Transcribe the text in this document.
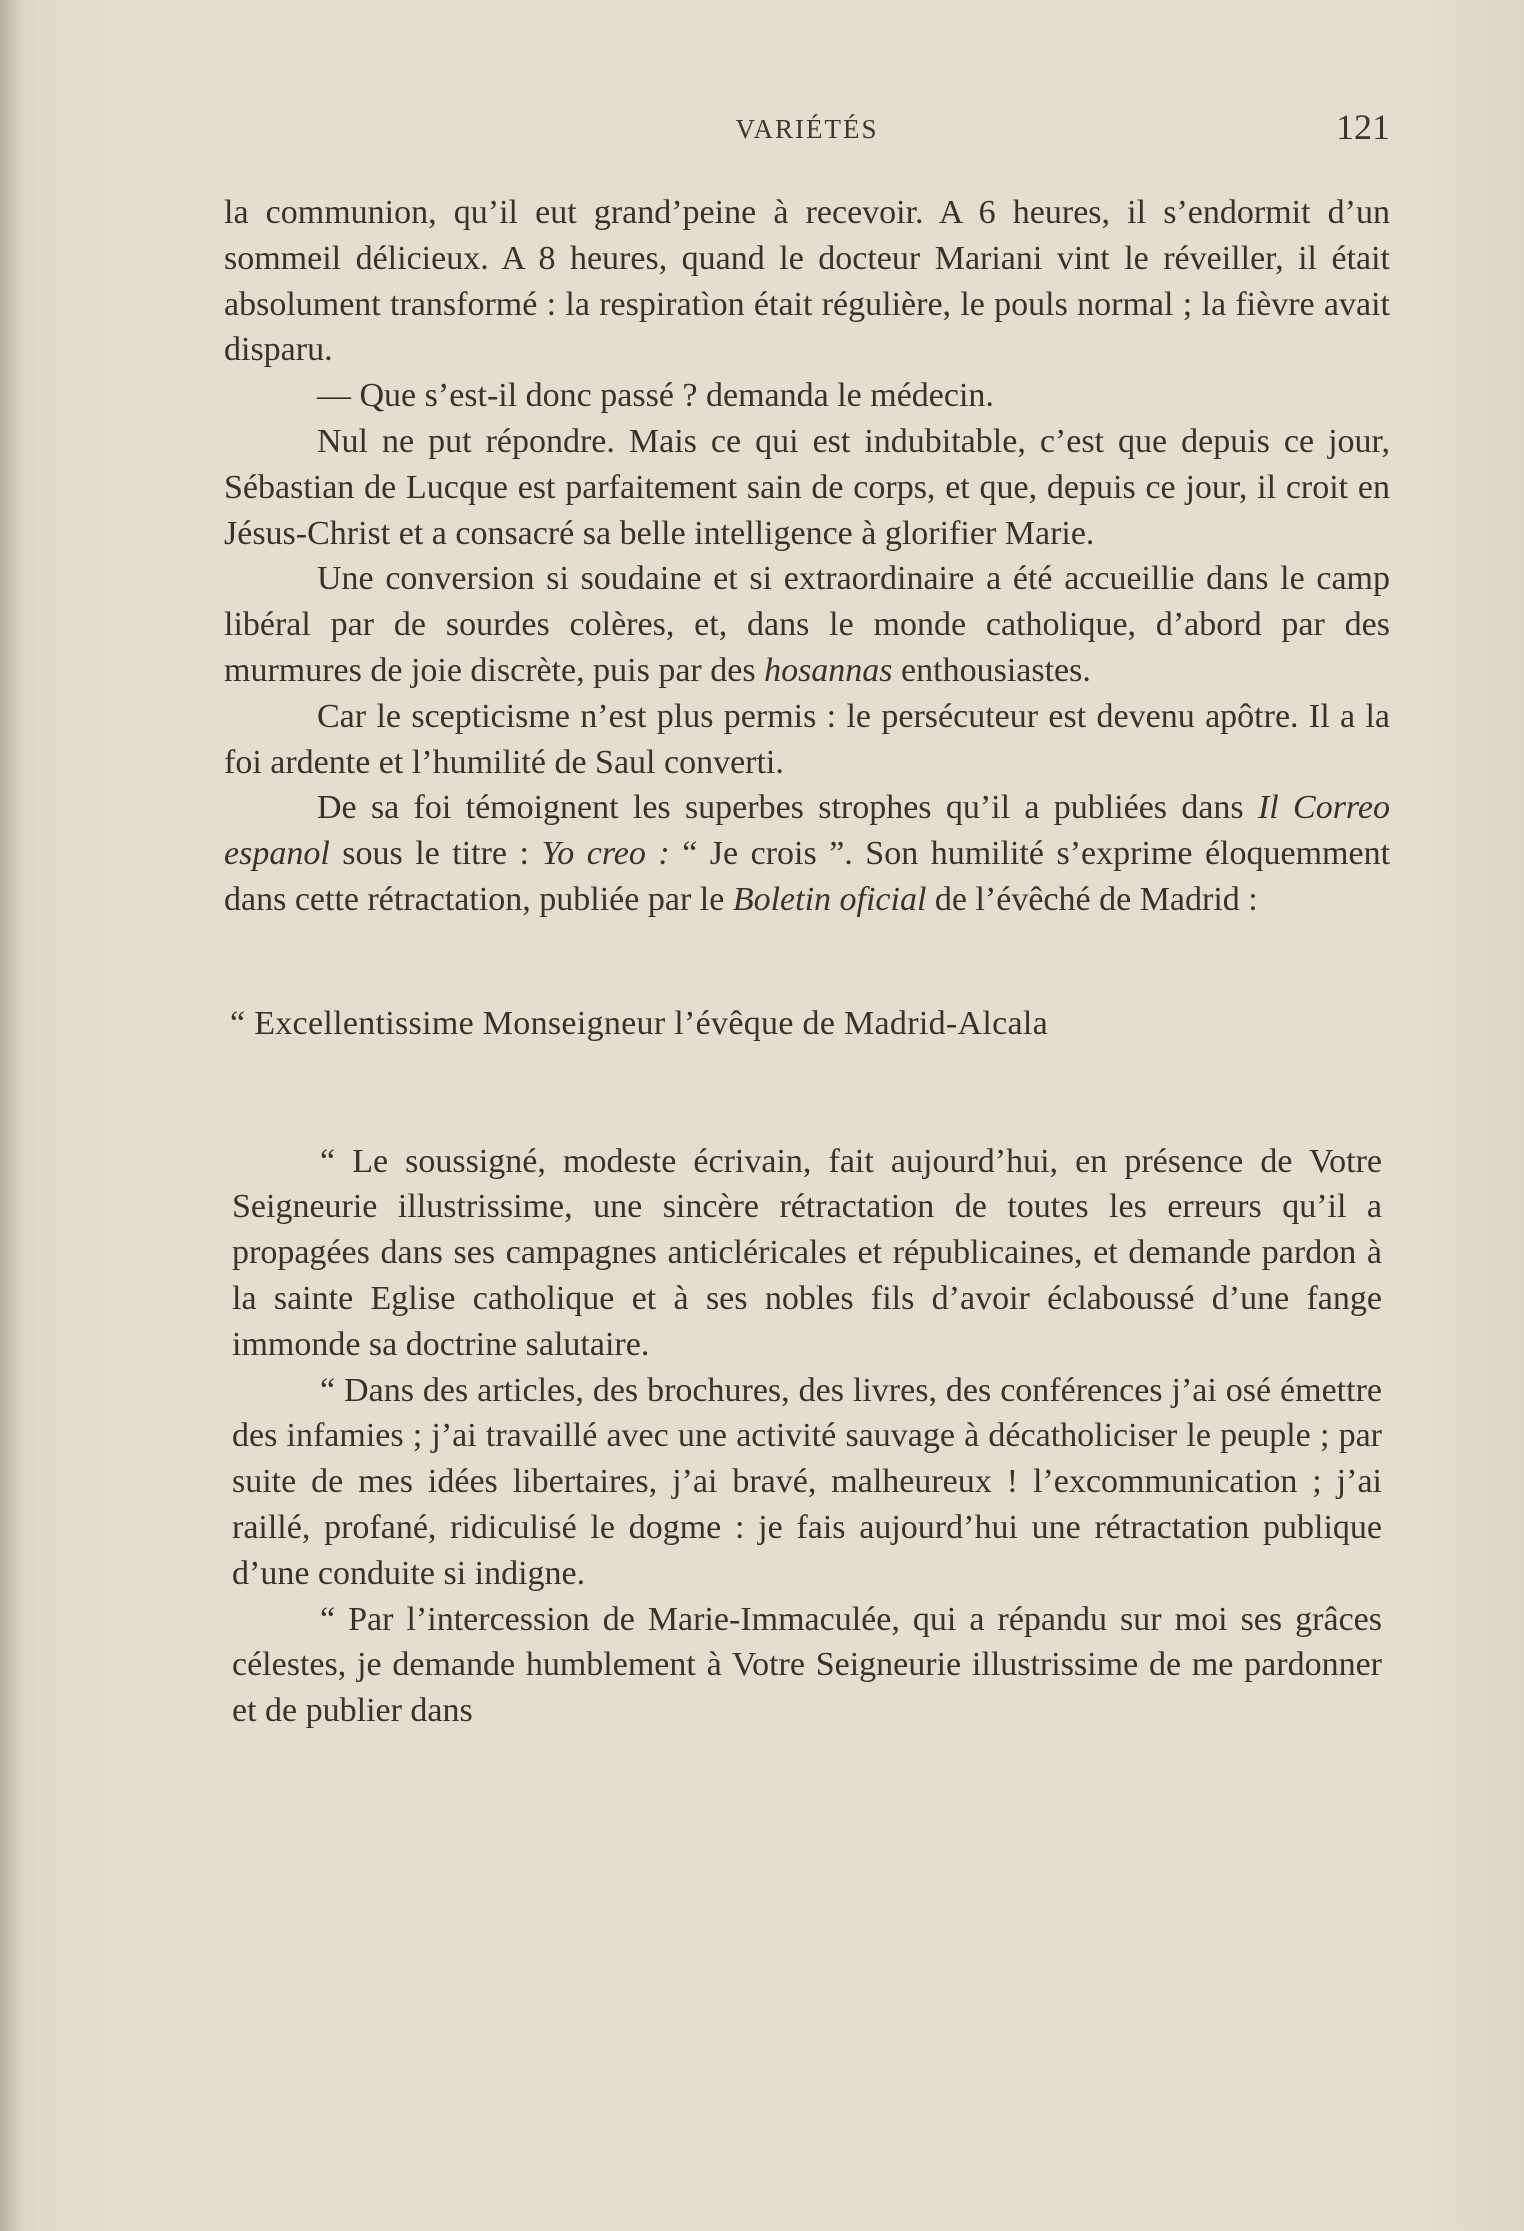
VARIÉTÉS	121

la communion, qu’il eut grand’peine à recevoir. A 6 heures, il s’endormit d’un sommeil délicieux. A 8 heures, quand le docteur Mariani vint le réveiller, il était absolument transformé : la respiratìon était régulière, le pouls normal ; la fièvre avait disparu.

— Que s’est-il donc passé ? demanda le médecin.

Nul ne put répondre. Mais ce qui est indubitable, c’est que depuis ce jour, Sébastian de Lucque est parfaitement sain de corps, et que, depuis ce jour, il croit en Jésus-Christ et a consacré sa belle intelligence à glorifier Marie.

Une conversion si soudaine et si extraordinaire a été accueillie dans le camp libéral par de sourdes colères, et, dans le monde catholique, d’abord par des murmures de joie discrète, puis par des hosannas enthousiastes.

Car le scepticisme n’est plus permis : le persécuteur est devenu apôtre. Il a la foi ardente et l’humilité de Saul converti.

De sa foi témoignent les superbes strophes qu’il a publiées dans Il Correo espanol sous le titre : Yo creo : “ Je crois ”. Son humilité s’exprime éloquemment dans cette rétractation, publiée par le Boletin oficial de l’évêché de Madrid :

“ Excellentissime Monseigneur l’évêque de Madrid-Alcala

“ Le soussigné, modeste écrivain, fait aujourd’hui, en présence de Votre Seigneurie illustrissime, une sincère rétractation de toutes les erreurs qu’il a propagées dans ses campagnes anticléricales et républicaines, et demande pardon à la sainte Eglise catholique et à ses nobles fils d’avoir éclaboussé d’une fange immonde sa doctrine salutaire.

“ Dans des articles, des brochures, des livres, des conférences j’ai osé émettre des infamies ; j’ai travaillé avec une activité sauvage à décatholiciser le peuple ; par suite de mes idées libertaires, j’ai bravé, malheureux ! l’excommunication ; j’ai raillé, profané, ridiculisé le dogme : je fais aujourd’hui une rétractation publique d’une conduite si indigne.

“ Par l’intercession de Marie-Immaculée, qui a répandu sur moi ses grâces célestes, je demande humblement à Votre Seigneurie illustrissime de me pardonner et de publier dans
